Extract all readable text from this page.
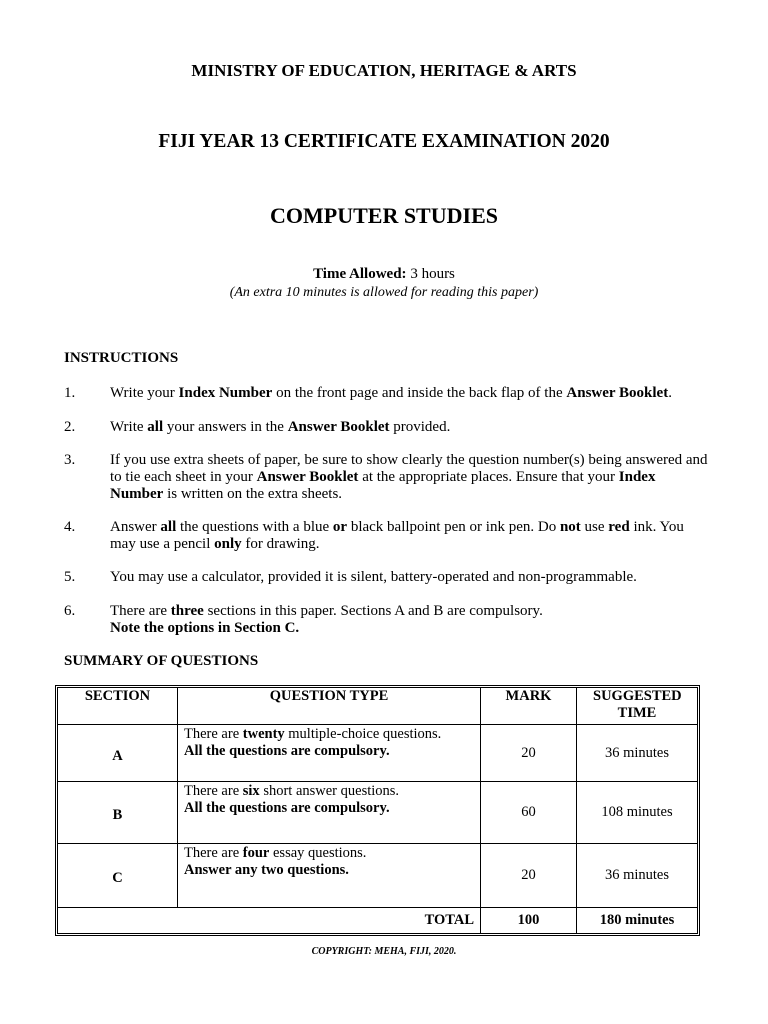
MINISTRY OF EDUCATION, HERITAGE & ARTS
FIJI YEAR 13 CERTIFICATE EXAMINATION 2020
COMPUTER STUDIES
Time Allowed: 3 hours
(An extra 10 minutes is allowed for reading this paper)
INSTRUCTIONS
1. Write your Index Number on the front page and inside the back flap of the Answer Booklet.
2. Write all your answers in the Answer Booklet provided.
3. If you use extra sheets of paper, be sure to show clearly the question number(s) being answered and to tie each sheet in your Answer Booklet at the appropriate places. Ensure that your Index Number is written on the extra sheets.
4. Answer all the questions with a blue or black ballpoint pen or ink pen. Do not use red ink. You may use a pencil only for drawing.
5. You may use a calculator, provided it is silent, battery-operated and non-programmable.
6. There are three sections in this paper. Sections A and B are compulsory.
Note the options in Section C.
SUMMARY OF QUESTIONS
SECTION	QUESTION TYPE	MARK	SUGGESTED TIME

A	There are twenty multiple-choice questions.
All the questions are compulsory.	20	36 minutes
B	There are six short answer questions.
All the questions are compulsory.	60	108 minutes
C	There are four essay questions.
Answer any two questions.	20	36 minutes
TOTAL		100	180 minutes
COPYRIGHT: MEHA, FIJI, 2020.
